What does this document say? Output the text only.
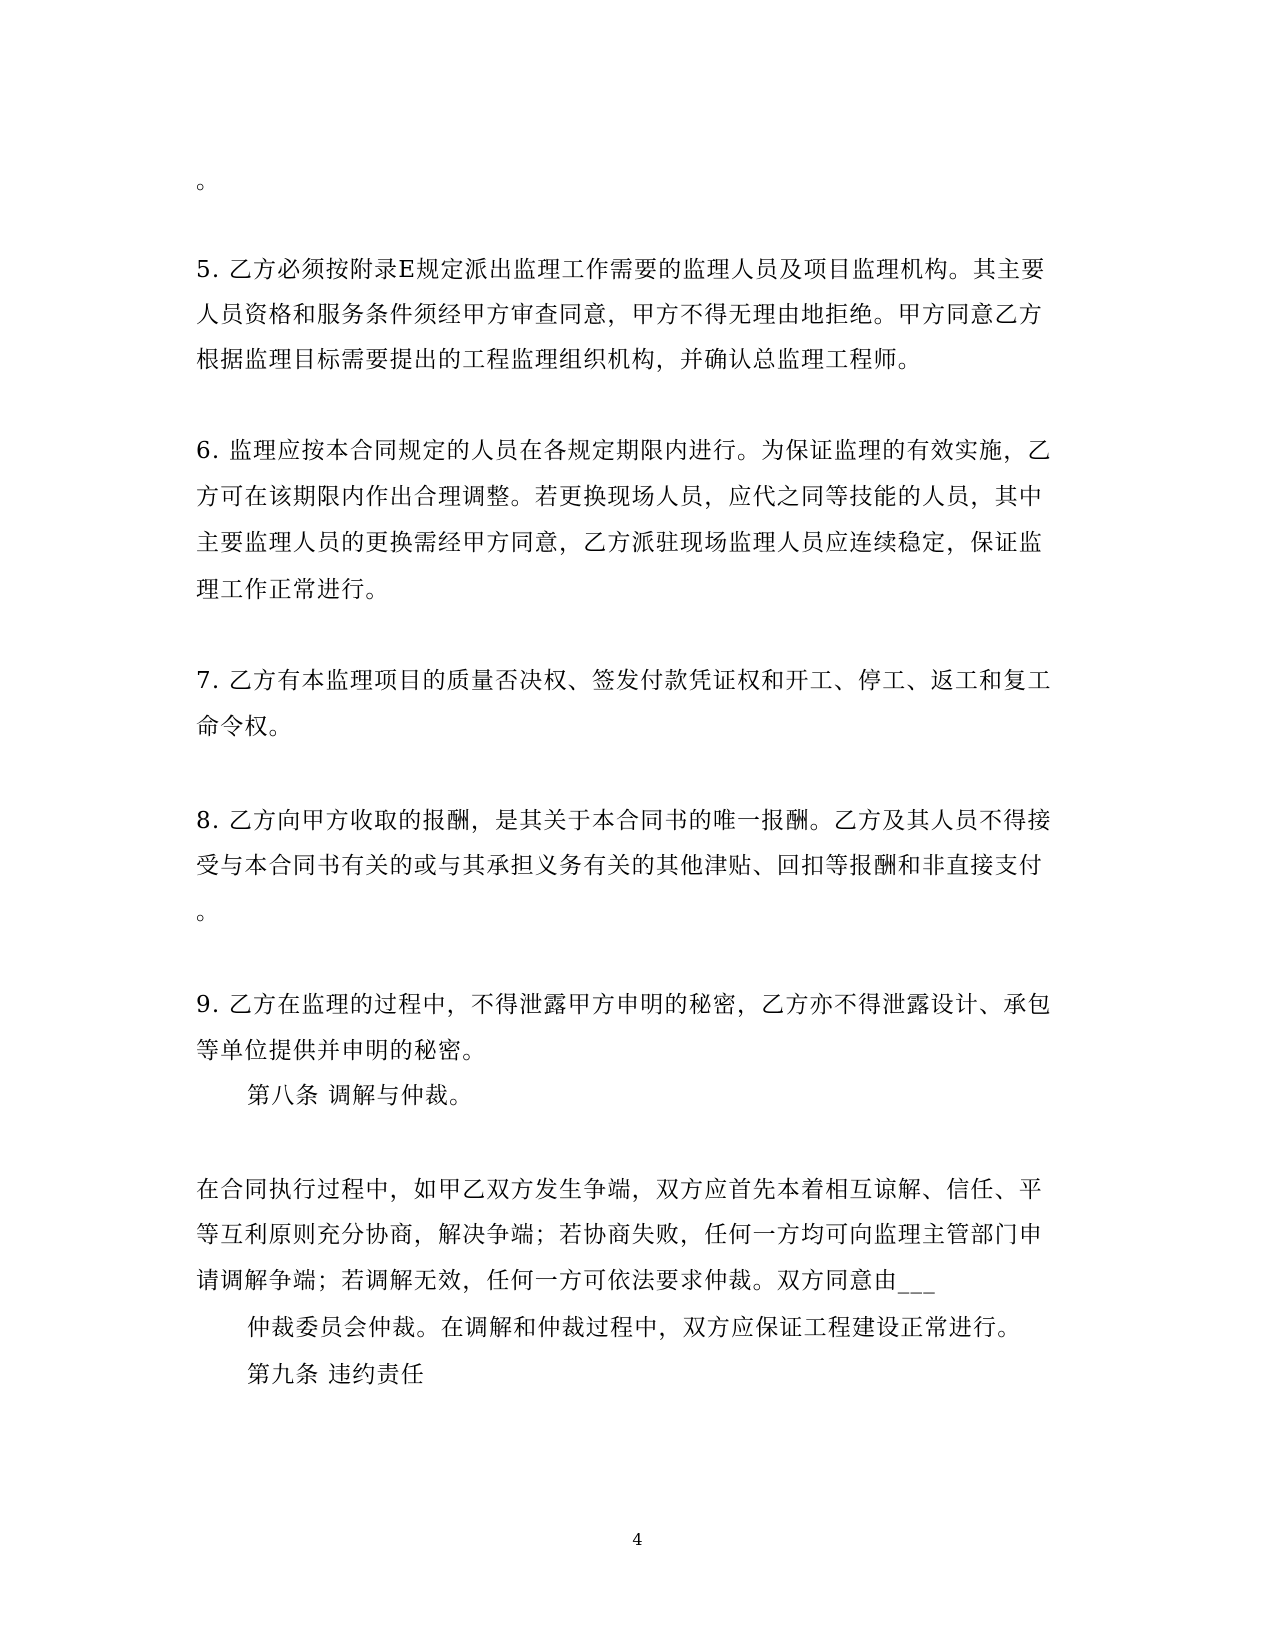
。
5. 乙方必须按附录E规定派出监理工作需要的监理人员及项目监理机构。其主要
人员资格和服务条件须经甲方审查同意，甲方不得无理由地拒绝。甲方同意乙方
根据监理目标需要提出的工程监理组织机构，并确认总监理工程师。
6. 监理应按本合同规定的人员在各规定期限内进行。为保证监理的有效实施，乙
方可在该期限内作出合理调整。若更换现场人员，应代之同等技能的人员，其中
主要监理人员的更换需经甲方同意，乙方派驻现场监理人员应连续稳定，保证监
理工作正常进行。
7. 乙方有本监理项目的质量否决权、签发付款凭证权和开工、停工、返工和复工
命令权。
8. 乙方向甲方收取的报酬，是其关于本合同书的唯一报酬。乙方及其人员不得接
受与本合同书有关的或与其承担义务有关的其他津贴、回扣等报酬和非直接支付
。
9. 乙方在监理的过程中，不得泄露甲方申明的秘密，乙方亦不得泄露设计、承包
等单位提供并申明的秘密。
第八条 调解与仲裁。
在合同执行过程中，如甲乙双方发生争端，双方应首先本着相互谅解、信任、平
等互利原则充分协商，解决争端；若协商失败，任何一方均可向监理主管部门申
请调解争端；若调解无效，任何一方可依法要求仲裁。双方同意由___
仲裁委员会仲裁。在调解和仲裁过程中，双方应保证工程建设正常进行。
第九条 违约责任
4
